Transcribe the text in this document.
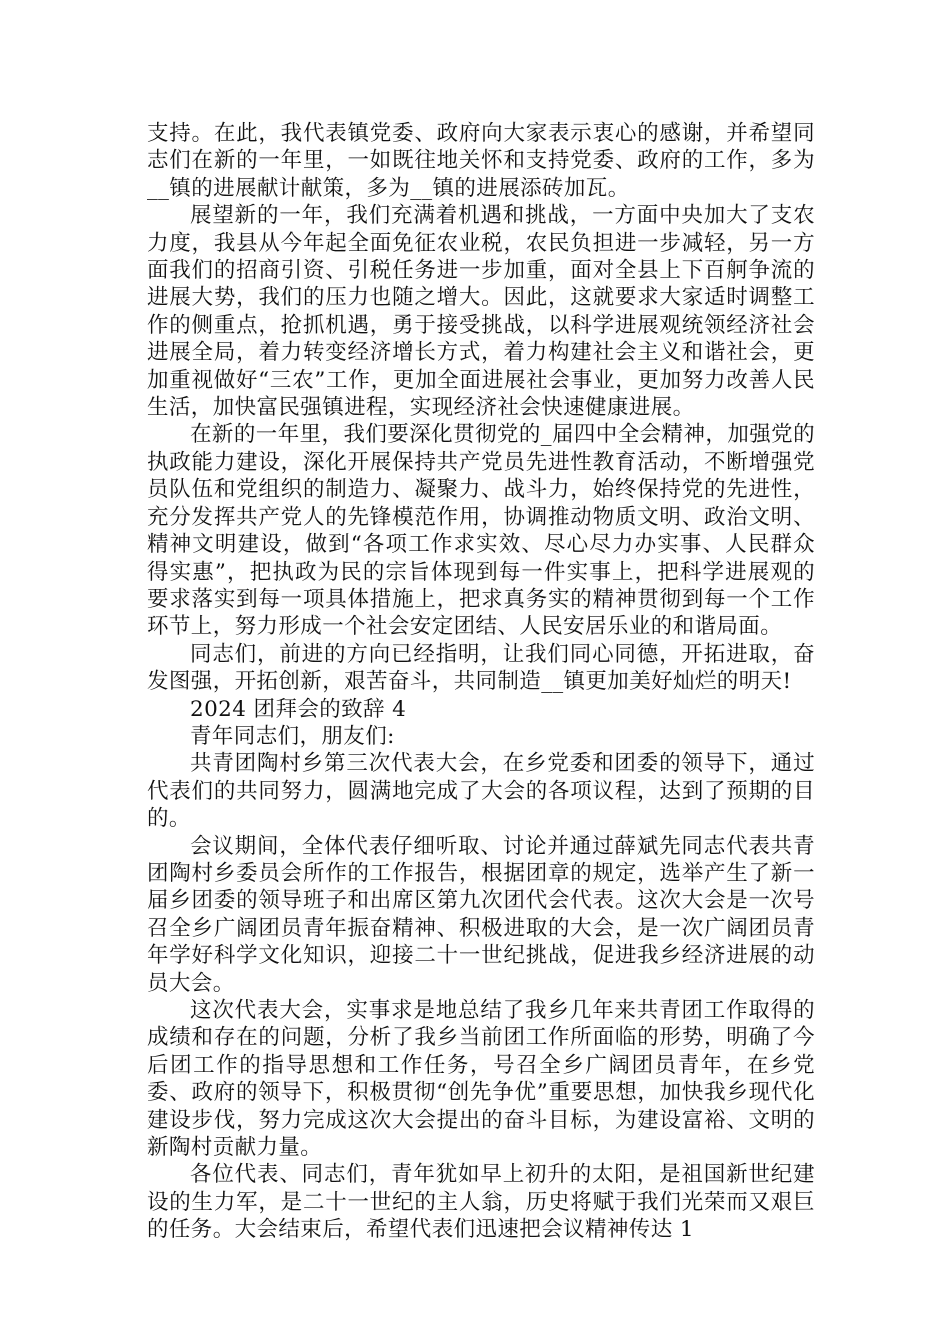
支持。在此，我代表镇党委、政府向大家表示衷心的感谢，并希望同志们在新的一年里，一如既往地关怀和支持党委、政府的工作，多为__镇的进展献计献策，多为__镇的进展添砖加瓦。

展望新的一年，我们充满着机遇和挑战，一方面中央加大了支农力度，我县从今年起全面免征农业税，农民负担进一步减轻，另一方面我们的招商引资、引税任务进一步加重，面对全县上下百舸争流的进展大势，我们的压力也随之增大。因此，这就要求大家适时调整工作的侧重点，抢抓机遇，勇于接受挑战，以科学进展观统领经济社会进展全局，着力转变经济增长方式，着力构建社会主义和谐社会，更加重视做好“三农”工作，更加全面进展社会事业，更加努力改善人民生活，加快富民强镇进程，实现经济社会快速健康进展。

在新的一年里，我们要深化贯彻党的_届四中全会精神，加强党的执政能力建设，深化开展保持共产党员先进性教育活动，不断增强党员队伍和党组织的制造力、凝聚力、战斗力，始终保持党的先进性，充分发挥共产党人的先锋模范作用，协调推动物质文明、政治文明、精神文明建设，做到“各项工作求实效、尽心尽力办实事、人民群众得实惠”，把执政为民的宗旨体现到每一件实事上，把科学进展观的要求落实到每一项具体措施上，把求真务实的精神贯彻到每一个工作环节上，努力形成一个社会安定团结、人民安居乐业的和谐局面。

同志们，前进的方向已经指明，让我们同心同德，开拓进取，奋发图强，开拓创新，艰苦奋斗，共同制造__镇更加美好灿烂的明天!

2024 团拜会的致辞 4

青年同志们，朋友们:

共青团陶村乡第三次代表大会，在乡党委和团委的领导下，通过代表们的共同努力，圆满地完成了大会的各项议程，达到了预期的目的。

会议期间，全体代表仔细听取、讨论并通过薛斌先同志代表共青团陶村乡委员会所作的工作报告，根据团章的规定，选举产生了新一届乡团委的领导班子和出席区第九次团代会代表。这次大会是一次号召全乡广阔团员青年振奋精神、积极进取的大会，是一次广阔团员青年学好科学文化知识，迎接二十一世纪挑战，促进我乡经济进展的动员大会。

这次代表大会，实事求是地总结了我乡几年来共青团工作取得的成绩和存在的问题，分析了我乡当前团工作所面临的形势，明确了今后团工作的指导思想和工作任务，号召全乡广阔团员青年，在乡党委、政府的领导下，积极贯彻“创先争优”重要思想，加快我乡现代化建设步伐，努力完成这次大会提出的奋斗目标，为建设富裕、文明的新陶村贡献力量。

各位代表、同志们，青年犹如早上初升的太阳，是祖国新世纪建设的生力军，是二十一世纪的主人翁，历史将赋于我们光荣而又艰巨的任务。大会结束后，希望代表们迅速把会议精神传达 1
